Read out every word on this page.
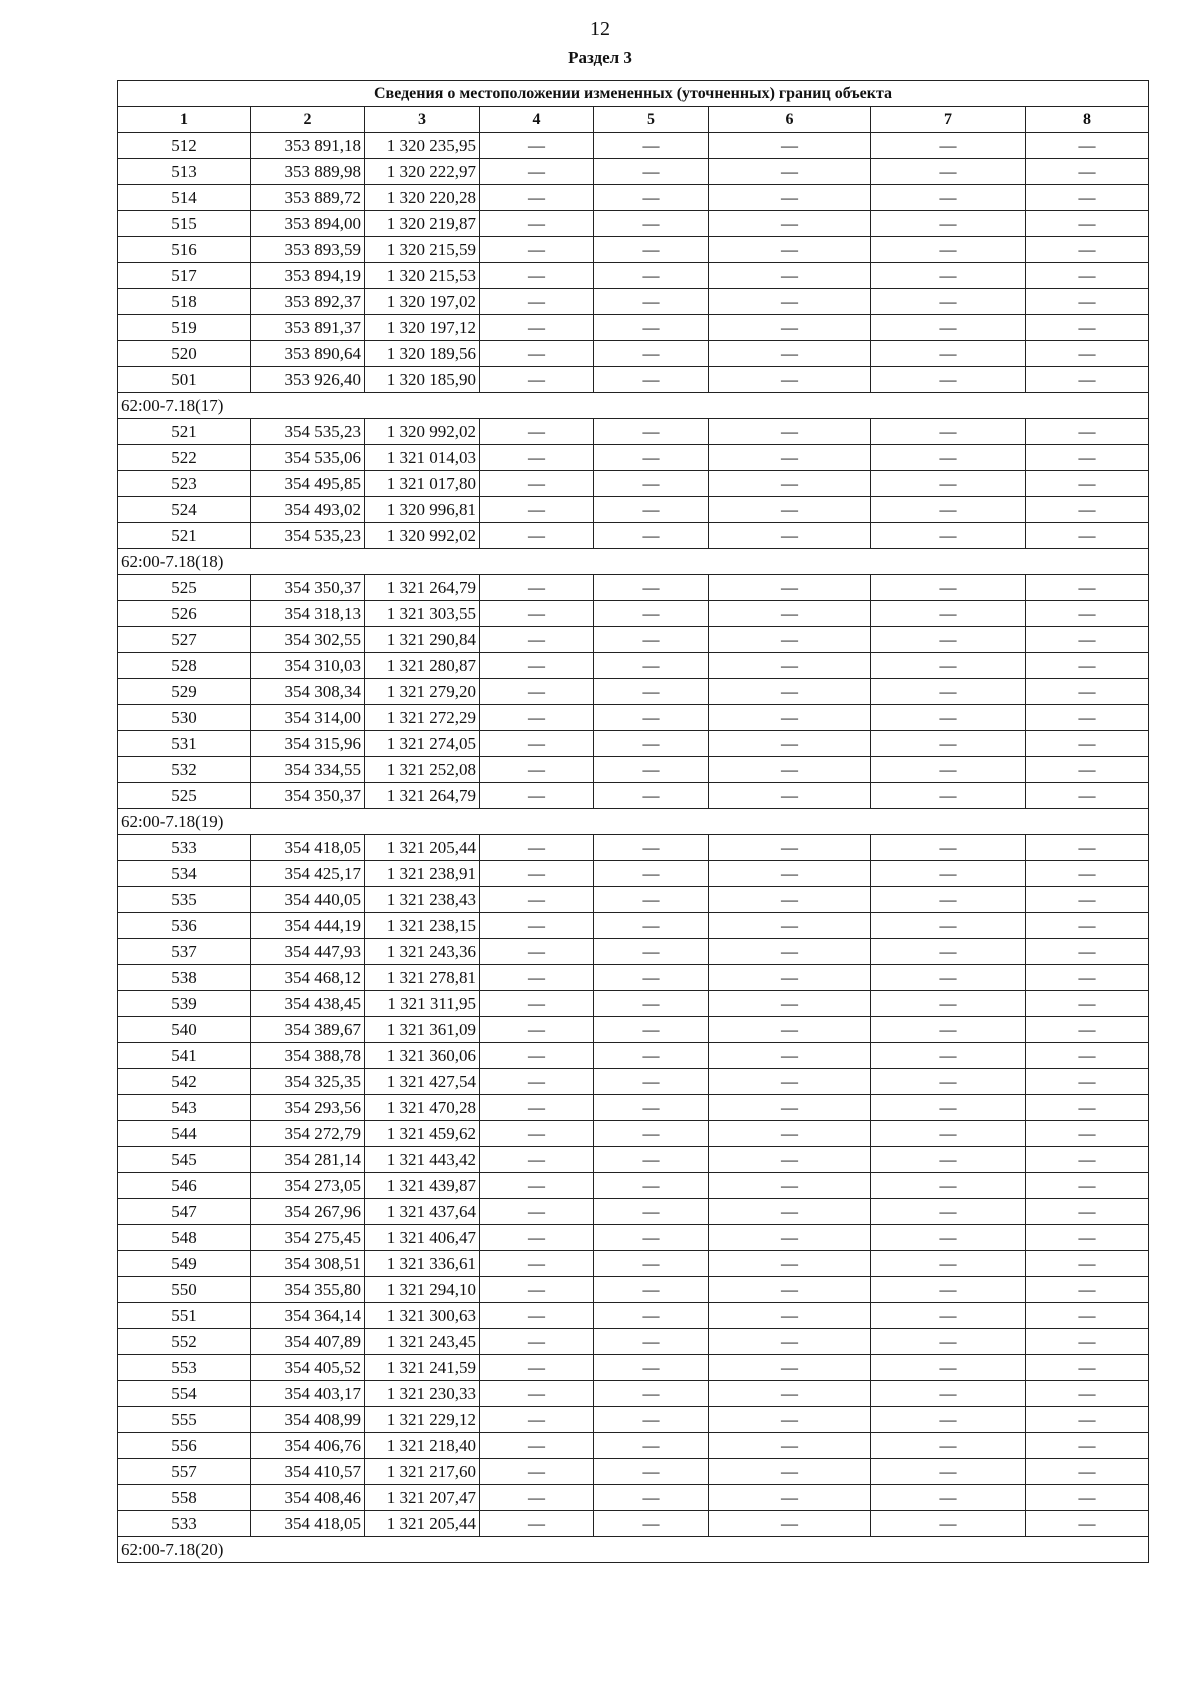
12
Раздел 3
Сведения о местоположении измененных (уточненных) границ объекта							
1	2	3	4	5	6	7	8
512	353 891,18	1 320 235,95	—	—	—	—	—
513	353 889,98	1 320 222,97	—	—	—	—	—
514	353 889,72	1 320 220,28	—	—	—	—	—
515	353 894,00	1 320 219,87	—	—	—	—	—
516	353 893,59	1 320 215,59	—	—	—	—	—
517	353 894,19	1 320 215,53	—	—	—	—	—
518	353 892,37	1 320 197,02	—	—	—	—	—
519	353 891,37	1 320 197,12	—	—	—	—	—
520	353 890,64	1 320 189,56	—	—	—	—	—
501	353 926,40	1 320 185,90	—	—	—	—	—
62:00-7.18(17)							
521	354 535,23	1 320 992,02	—	—	—	—	—
522	354 535,06	1 321 014,03	—	—	—	—	—
523	354 495,85	1 321 017,80	—	—	—	—	—
524	354 493,02	1 320 996,81	—	—	—	—	—
521	354 535,23	1 320 992,02	—	—	—	—	—
62:00-7.18(18)							
525	354 350,37	1 321 264,79	—	—	—	—	—
526	354 318,13	1 321 303,55	—	—	—	—	—
527	354 302,55	1 321 290,84	—	—	—	—	—
528	354 310,03	1 321 280,87	—	—	—	—	—
529	354 308,34	1 321 279,20	—	—	—	—	—
530	354 314,00	1 321 272,29	—	—	—	—	—
531	354 315,96	1 321 274,05	—	—	—	—	—
532	354 334,55	1 321 252,08	—	—	—	—	—
525	354 350,37	1 321 264,79	—	—	—	—	—
62:00-7.18(19)							
533	354 418,05	1 321 205,44	—	—	—	—	—
534	354 425,17	1 321 238,91	—	—	—	—	—
535	354 440,05	1 321 238,43	—	—	—	—	—
536	354 444,19	1 321 238,15	—	—	—	—	—
537	354 447,93	1 321 243,36	—	—	—	—	—
538	354 468,12	1 321 278,81	—	—	—	—	—
539	354 438,45	1 321 311,95	—	—	—	—	—
540	354 389,67	1 321 361,09	—	—	—	—	—
541	354 388,78	1 321 360,06	—	—	—	—	—
542	354 325,35	1 321 427,54	—	—	—	—	—
543	354 293,56	1 321 470,28	—	—	—	—	—
544	354 272,79	1 321 459,62	—	—	—	—	—
545	354 281,14	1 321 443,42	—	—	—	—	—
546	354 273,05	1 321 439,87	—	—	—	—	—
547	354 267,96	1 321 437,64	—	—	—	—	—
548	354 275,45	1 321 406,47	—	—	—	—	—
549	354 308,51	1 321 336,61	—	—	—	—	—
550	354 355,80	1 321 294,10	—	—	—	—	—
551	354 364,14	1 321 300,63	—	—	—	—	—
552	354 407,89	1 321 243,45	—	—	—	—	—
553	354 405,52	1 321 241,59	—	—	—	—	—
554	354 403,17	1 321 230,33	—	—	—	—	—
555	354 408,99	1 321 229,12	—	—	—	—	—
556	354 406,76	1 321 218,40	—	—	—	—	—
557	354 410,57	1 321 217,60	—	—	—	—	—
558	354 408,46	1 321 207,47	—	—	—	—	—
533	354 418,05	1 321 205,44	—	—	—	—	—
62:00-7.18(20)							
